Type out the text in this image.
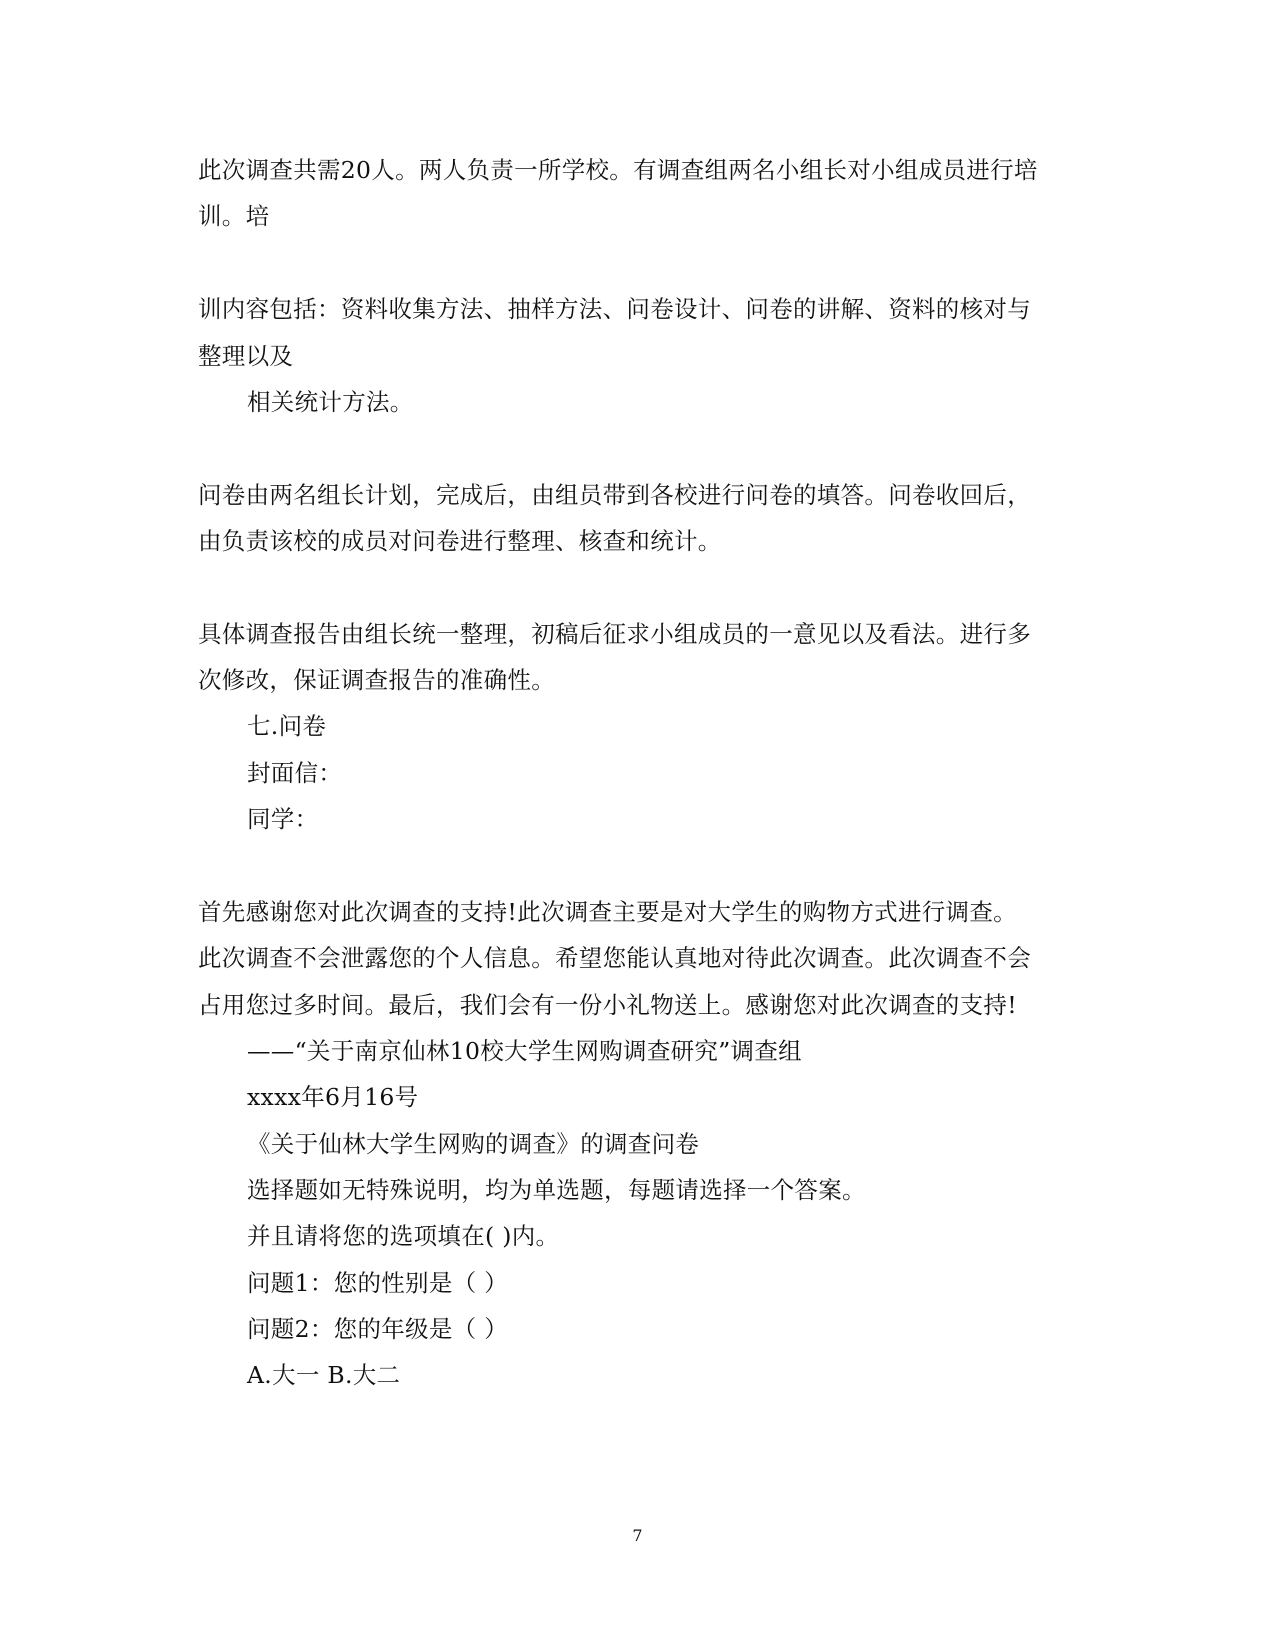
此次调查共需20人。两人负责一所学校。有调查组两名小组长对小组成员进行培
训。培
训内容包括：资料收集方法、抽样方法、问卷设计、问卷的讲解、资料的核对与
整理以及
相关统计方法。
问卷由两名组长计划，完成后，由组员带到各校进行问卷的填答。问卷收回后，
由负责该校的成员对问卷进行整理、核查和统计。
具体调查报告由组长统一整理，初稿后征求小组成员的一意见以及看法。进行多
次修改，保证调查报告的准确性。
七.问卷
封面信：
同学：
首先感谢您对此次调查的支持!此次调查主要是对大学生的购物方式进行调查。
此次调查不会泄露您的个人信息。希望您能认真地对待此次调查。此次调查不会
占用您过多时间。最后，我们会有一份小礼物送上。感谢您对此次调查的支持!
——“关于南京仙林10校大学生网购调查研究”调查组
xxxx年6月16号
《关于仙林大学生网购的调查》的调查问卷
选择题如无特殊说明，均为单选题，每题请选择一个答案。
并且请将您的选项填在( )内。
问题1：您的性别是（ ）
问题2：您的年级是（ ）
A.大一 B.大二
7
